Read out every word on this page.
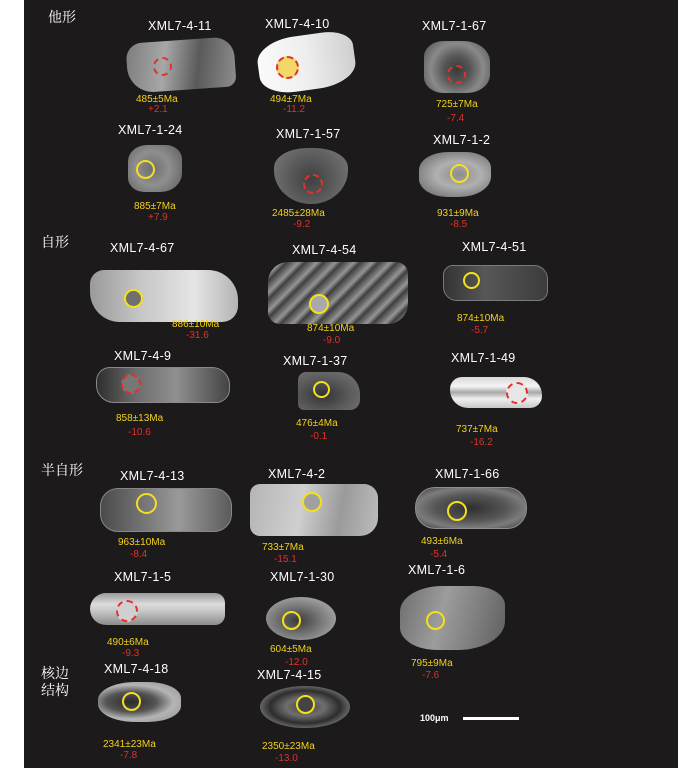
他形
自形
半自形
核边结构
XML7-4-11
485±5Ma
+2.1
XML7-4-10
494±7Ma
-11.2
XML7-1-67
725±7Ma
-7.4
XML7-1-24
885±7Ma
+7.9
XML7-1-57
2485±28Ma
-9.2
XML7-1-2
931±9Ma
-8.5
XML7-4-67
886±10Ma
-31.6
XML7-4-54
874±10Ma
-9.0
XML7-4-51
874±10Ma
-5.7
XML7-4-9
858±13Ma
-10.6
XML7-1-37
476±4Ma
-0.1
XML7-1-49
737±7Ma
-16.2
XML7-4-13
963±10Ma
-8.4
XML7-4-2
733±7Ma
-15.1
XML7-1-66
493±6Ma
-5.4
XML7-1-5
490±6Ma
-9.3
XML7-1-30
604±5Ma
-12.0
XML7-1-6
795±9Ma
-7.6
XML7-4-18
2341±23Ma
-7.8
XML7-4-15
2350±23Ma
-13.0
100μm
